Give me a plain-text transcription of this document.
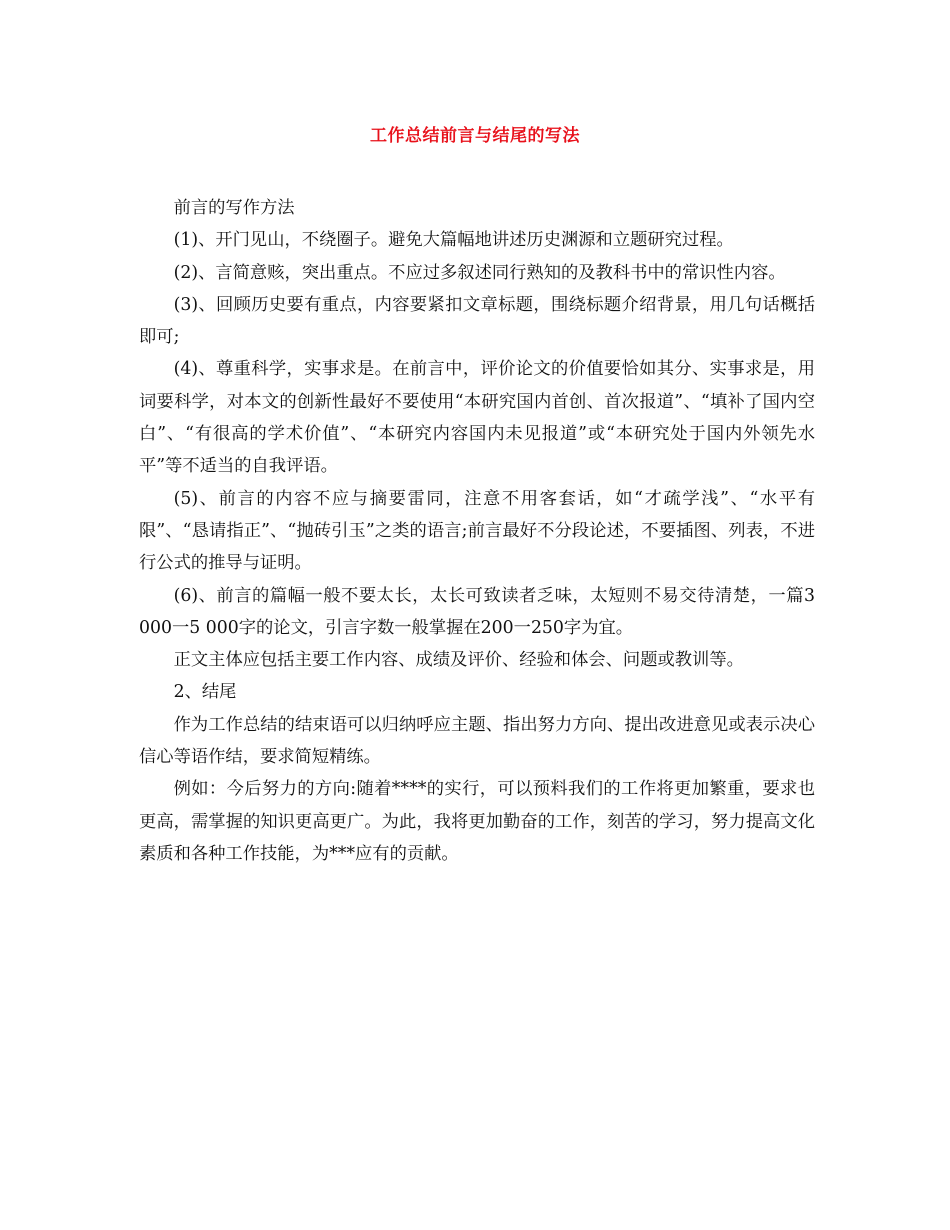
工作总结前言与结尾的写法

前言的写作方法

(1)、开门见山，不绕圈子。避免大篇幅地讲述历史渊源和立题研究过程。

(2)、言简意赅，突出重点。不应过多叙述同行熟知的及教科书中的常识性内容。

(3)、回顾历史要有重点，内容要紧扣文章标题，围绕标题介绍背景，用几句话概括即可;

(4)、尊重科学，实事求是。在前言中，评价论文的价值要恰如其分、实事求是，用词要科学，对本文的创新性最好不要使用“本研究国内首创、首次报道”、“填补了国内空白”、“有很高的学术价值”、“本研究内容国内未见报道”或“本研究处于国内外领先水平”等不适当的自我评语。

(5)、前言的内容不应与摘要雷同，注意不用客套话，如“才疏学浅”、“水平有限”、“恳请指正”、“抛砖引玉”之类的语言;前言最好不分段论述，不要插图、列表，不进行公式的推导与证明。

(6)、前言的篇幅一般不要太长，太长可致读者乏味，太短则不易交待清楚，一篇3 000一5 000字的论文，引言字数一般掌握在200一250字为宜。

正文主体应包括主要工作内容、成绩及评价、经验和体会、问题或教训等。

2、结尾

作为工作总结的结束语可以归纳呼应主题、指出努力方向、提出改进意见或表示决心信心等语作结，要求简短精练。

例如：今后努力的方向:随着****的实行，可以预料我们的工作将更加繁重，要求也更高，需掌握的知识更高更广。为此，我将更加勤奋的工作，刻苦的学习，努力提高文化素质和各种工作技能，为***应有的贡献。
